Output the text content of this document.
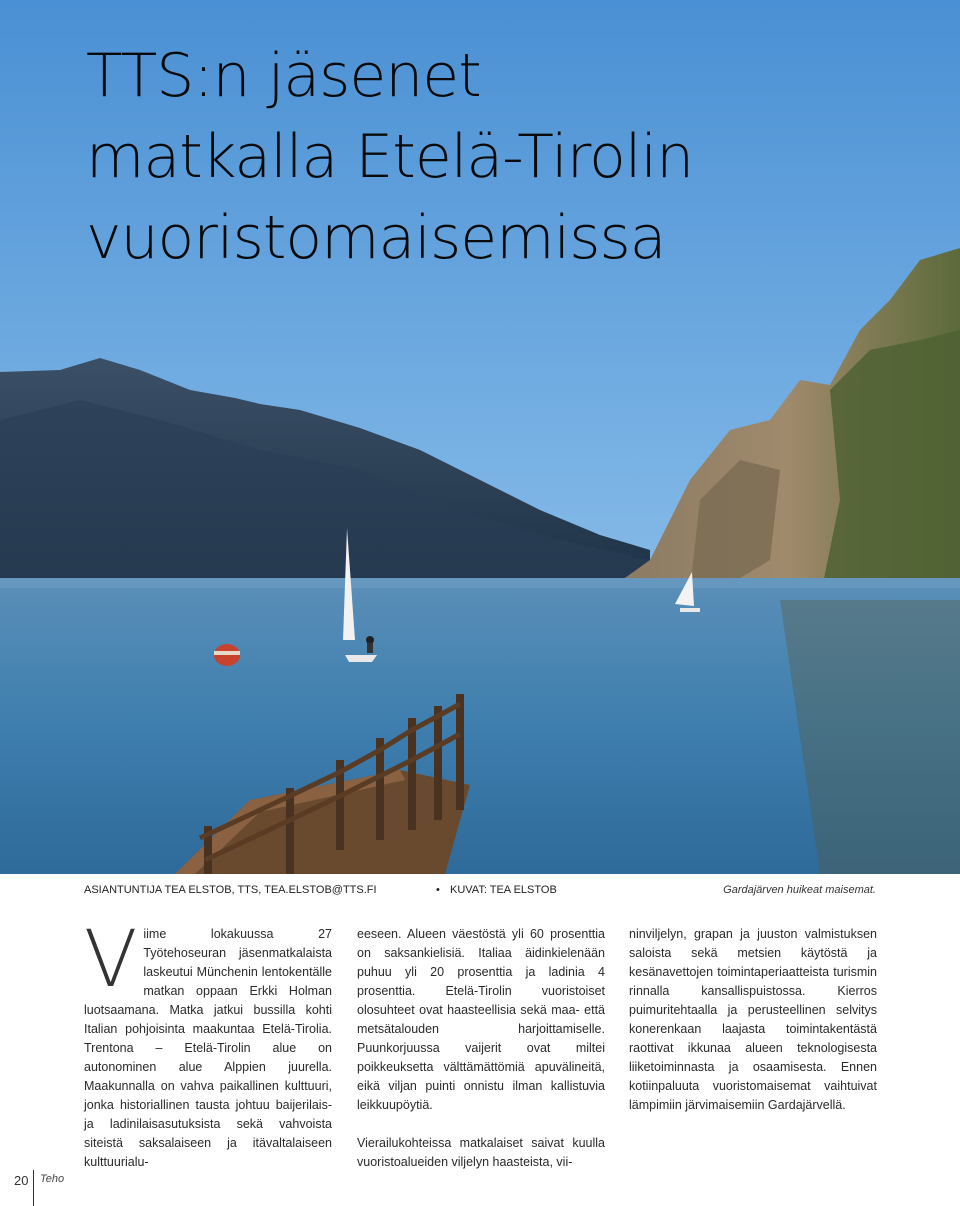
TTS:n jäsenet
matkalla Etelä-Tirolin
vuoristomaisemissa
ASIANTUNTIJA TEA ELSTOB, TTS, TEA.ELSTOB@TTS.FI	• KUVAT: TEA ELSTOB	Gardajärven huikeat maisemat.

V iime lokakuussa 27 Työtehoseuran jäsenmatkalaista laskeutui Münchenin lentokentälle matkan oppaan Erkki Holman luotsaamana. Matka jatkui bussilla kohti Italian pohjoisinta maakuntaa Etelä-Tirolia. Trentona – Etelä-Tirolin alue on autonominen alue Alppien juurella. Maakunnalla on vahva paikallinen kulttuuri, jonka historiallinen tausta johtuu baijerilais- ja ladinilaisasutuksista sekä vahvoista siteistä saksalaiseen ja itävaltalaiseen kulttuurialu-

eeseen. Alueen väestöstä yli 60 prosenttia on saksankielisiä. Italiaa äidinkielenään puhuu yli 20 prosenttia ja ladinia 4 prosenttia. Etelä-Tirolin vuoristoiset olosuhteet ovat haasteellisia sekä maa- että metsätalouden harjoittamiselle. Puunkorjuussa vaijerit ovat miltei poikkeuksetta välttämättömiä apuvälineitä, eikä viljan puinti onnistu ilman kallistuvia leikkuupöytiä.

Vierailukohteissa matkalaiset saivat kuulla vuoristoalueiden viljelyn haasteista, vii-

ninviljelyn, grapan ja juuston valmistuksen saloista sekä metsien käytöstä ja kesänavettojen toimintaperiaatteista turismin rinnalla kansallispuistossa. Kierros puimuritehtaalla ja perusteellinen selvitys konerenkaan laajasta toimintakentästä raottivat ikkunaa alueen teknologisesta liiketoiminnasta ja osaamisesta. Ennen kotiinpaluuta vuoristomaisemat vaihtuivat lämpimiin järvimaisemiin Gardajärvellä.

20 Teho
